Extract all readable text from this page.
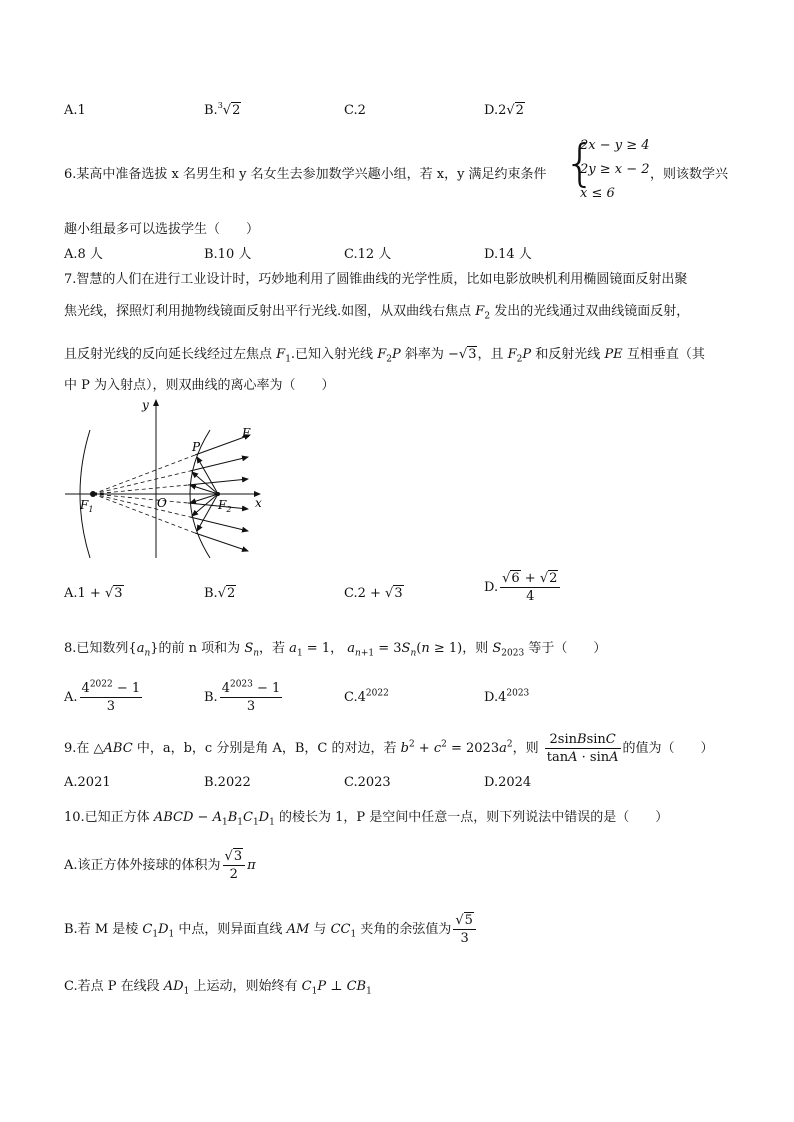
A.1	B.$^3$√2	C.2	D.2√2
6.某高中准备选拔 x 名男生和 y 名女生去参加数学兴趣小组，若 x，y 满足约束条件 {
2x − y ≥ 4
2y ≥ x − 2
x ≤ 6
，则该数学兴
趣小组最多可以选拔学生（　　）
A.8 人	B.10 人	C.12 人	D.14 人
7.智慧的人们在进行工业设计时，巧妙地利用了圆锥曲线的光学性质，比如电影放映机利用椭圆镜面反射出聚
焦光线，探照灯利用抛物线镜面反射出平行光线.如图，从双曲线右焦点 $F_2$ 发出的光线通过双曲线镜面反射，
且反射光线的反向延长线经过左焦点 $F_1$.已知入射光线 $F_2P$ 斜率为 −√3，且 $F_2P$ 和反射光线 PE 互相垂直（其
中 P 为入射点），则双曲线的离心率为（　　）
y
x
O
P
E
$F_1$	$F_2$
A.1 + √3	B.√2	C.2 + √3	D. $\frac{√6 + √2}{4}$
8.已知数列$\{a_n\}$的前 n 项和为 $S_n$，若 $a_1 = 1$， $a_{n+1} = 3S_n(n \ge 1)$，则 $S_{2023}$ 等于（　　）
A. $\frac{4^{2022} - 1}{3}$	B. $\frac{4^{2023} - 1}{3}$	$C.4^{2022}$	$D.4^{2023}$
9.在 △ABC 中，a，b，c 分别是角 A，B，C 的对边，若 $b^2 + c^2 = 2023a^2$，则 $\frac{\text{2sinBsinC}}{\tan A \cdot \sin A}$ 的值为（　　）
A.2021	B.2022	C.2023	D.2024
10.已知正方体 ABCD − $A_1B_1C_1D_1$ 的棱长为 1，P 是空间中任意一点，则下列说法中错误的是（　　）
A.该正方体外接球的体积为 $\frac{√3}{2}$ π
B.若 M 是棱 $C_1D_1$ 中点，则异面直线 AM 与 $CC_1$ 夹角的余弦值为 $\frac{√5}{3}$
C.若点 P 在线段 $AD_1$ 上运动，则始终有 $C_1P$ ⊥ $CB_1$
